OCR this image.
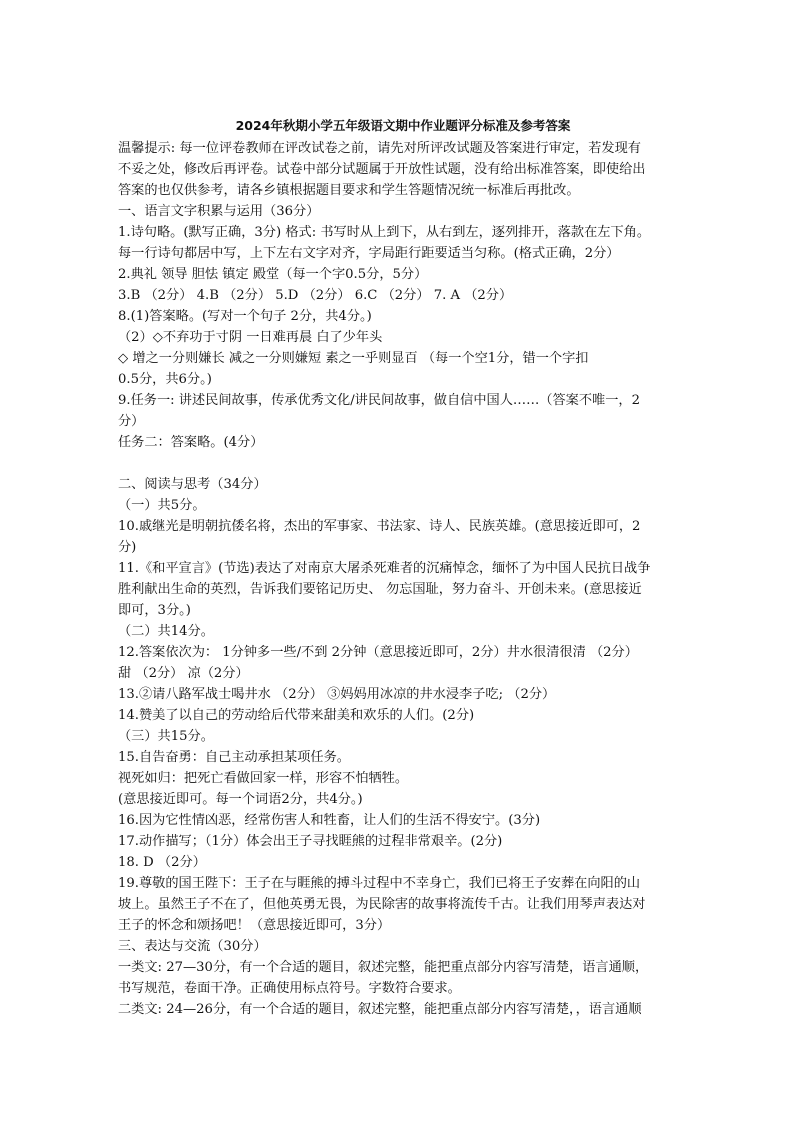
2024年秋期小学五年级语文期中作业题评分标准及参考答案
温馨提示: 每一位评卷教师在评改试卷之前，请先对所评改试题及答案进行审定，若发现有
不妥之处，修改后再评卷。试卷中部分试题属于开放性试题，没有给出标准答案，即使给出
答案的也仅供参考，请各乡镇根据题目要求和学生答题情况统一标准后再批改。
一、语言文字积累与运用（36分）
1.诗句略。(默写正确，3分) 格式: 书写时从上到下，从右到左，逐列排开，落款在左下角。
每一行诗句都居中写，上下左右文字对齐，字局距行距要适当匀称。(格式正确，2分）
2.典礼 领导 胆怯 镇定 殿堂（每一个字0.5分，5分）
3.B （2分） 4.B （2分） 5.D （2分） 6.C （2分） 7. A （2分）
8.(1)答案略。(写对一个句子 2分，共4分。)
（2）◇不弃功于寸阴 一日难再晨 白了少年头
◇ 增之一分则嫌长 减之一分则嫌短 素之一乎则显百 （每一个空1分，错一个字扣
0.5分，共6分。)
9.任务一: 讲述民间故事，传承优秀文化/讲民间故事，做自信中国人……（答案不唯一，2
分）
任务二：答案略。(4分）
二、阅读与思考（34分）
（一）共5分。
10.戚继光是明朝抗倭名将，杰出的军事家、书法家、诗人、民族英雄。(意思接近即可，2
分)
11.《和平宣言》(节选)表达了对南京大屠杀死难者的沉痛悼念，缅怀了为中国人民抗日战争
胜利献出生命的英烈，告诉我们要铭记历史、 勿忘国耻，努力奋斗、开创未来。(意思接近
即可，3分。)
（二）共14分。
12.答案依次为： 1分钟多一些/不到 2分钟（意思接近即可，2分）井水很清很清 （2分）
甜 （2分） 凉（2分）
13.②请八路军战士喝井水 （2分） ③妈妈用冰凉的井水浸李子吃; （2分）
14.赞美了以自己的劳动给后代带来甜美和欢乐的人们。(2分)
（三）共15分。
15.自告奋勇：自己主动承担某项任务。
视死如归：把死亡看做回家一样，形容不怕牺牲。
(意思接近即可。每一个词语2分，共4分。)
16.因为它性情凶恶，经常伤害人和牲畜，让人们的生活不得安宁。(3分)
17.动作描写；（1分）体会出王子寻找睚熊的过程非常艰辛。(2分)
18. D （2分）
19.尊敬的国王陛下：王子在与睚熊的搏斗过程中不幸身亡，我们已将王子安葬在向阳的山
坡上。虽然王子不在了，但他英勇无畏，为民除害的故事将流传千古。让我们用琴声表达对
王子的怀念和颂扬吧！（意思接近即可，3分）
三、表达与交流（30分）
一类文: 27—30分，有一个合适的题目，叙述完整，能把重点部分内容写清楚，语言通顺，
书写规范，卷面干净。正确使用标点符号。字数符合要求。
二类文: 24—26分，有一个合适的题目，叙述完整，能把重点部分内容写清楚，，语言通顺
